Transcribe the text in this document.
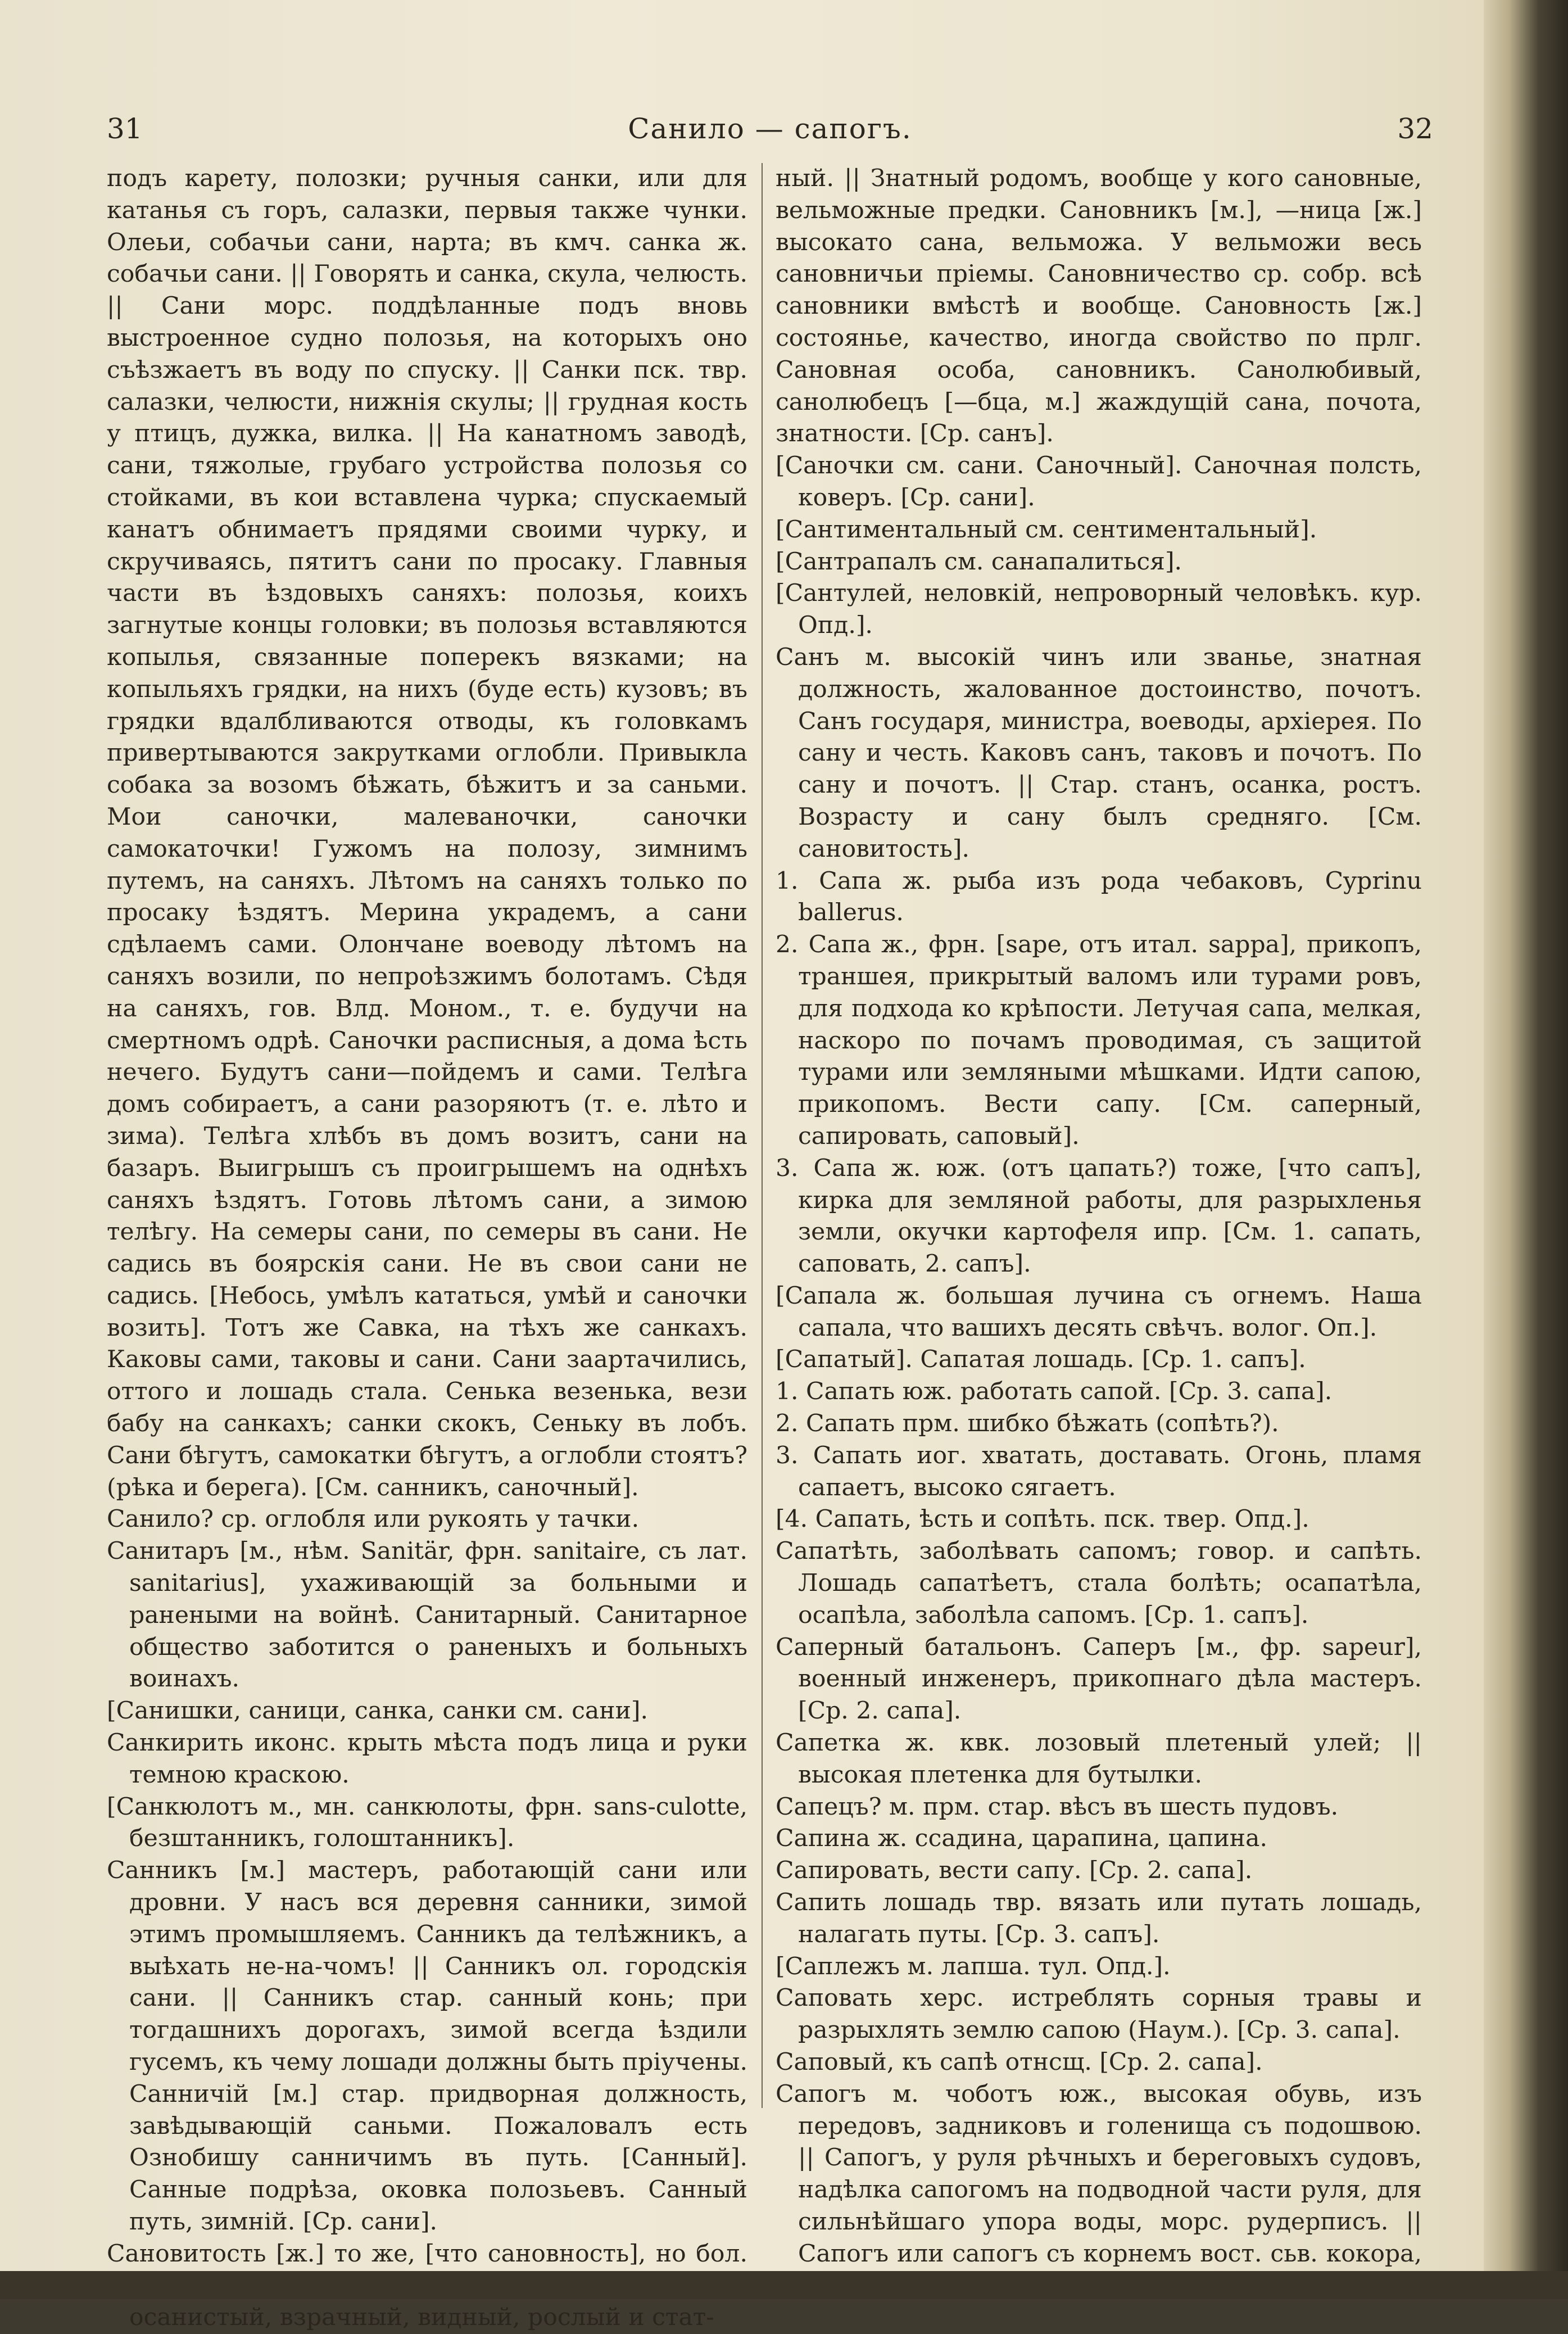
31	Санило — сапогъ.	32

подъ карету, полозки; ручныя санки, или для катанья съ горъ, салазки, первыя также чунки. Олеьи, собачьи сани, нарта; въ кмч. санка ж. собачьи сани. || Говорять и санка, скула, челюсть. || Сани морс. поддѣланные подъ вновь выстроенное судно полозья, на которыхъ оно съѣзжаетъ въ воду по спуску. || Санки пск. твр. салазки, челюсти, нижнія скулы; || грудная кость у птицъ, дужка, вилка. || На канатномъ заводѣ, сани, тяжолые, грубаго устройства полозья со стойками, въ кои вставлена чурка; спускаемый канатъ обнимаетъ прядями своими чурку, и скручиваясь, пятитъ сани по просаку. Главныя части въ ѣздовыхъ саняхъ: полозья, коихъ загнутые концы головки; въ полозья вставляются копылья, связанные поперекъ вязками; на копыльяхъ грядки, на нихъ (буде есть) кузовъ; въ грядки вдалбливаются отводы, къ головкамъ привертываются закрутками оглобли. Привыкла собака за возомъ бѣжать, бѣжитъ и за саньми. Мои саночки, малеваночки, саночки самокаточки! Гужомъ на полозу, зимнимъ путемъ, на саняхъ. Лѣтомъ на саняхъ только по просаку ѣздятъ. Мерина украдемъ, а сани сдѣлаемъ сами. Олончане воеводу лѣтомъ на саняхъ возили, по непроѣзжимъ болотамъ. Сѣдя на саняхъ, гов. Влд. Моном., т. е. будучи на смертномъ одрѣ. Саночки расписныя, а дома ѣсть нечего. Будутъ сани—пойдемъ и сами. Телѣга домъ собираетъ, а сани разоряютъ (т. е. лѣто и зима). Телѣга хлѣбъ въ домъ возитъ, сани на базаръ. Выигрышъ съ проигрышемъ на однѣхъ саняхъ ѣздятъ. Готовь лѣтомъ сани, а зимою телѣгу. На семеры сани, по семеры въ сани. Не садись въ боярскія сани. Не въ свои сани не садись. [Небось, умѣлъ кататься, умѣй и саночки возить]. Тотъ же Савка, на тѣхъ же санкахъ. Каковы сами, таковы и сани. Сани заартачились, оттого и лошадь стала. Сенька везенька, вези бабу на санкахъ; санки скокъ, Сеньку въ лобъ. Сани бѣгутъ, самокатки бѣгутъ, а оглобли стоятъ? (рѣка и берега). [См. санникъ, саночный].

Санило? ср. оглобля или рукоять у тачки.

Санитаръ [м., нѣм. Sanitär, фрн. sanitaire, съ лат. sanitarius], ухаживающій за больными и ранеными на войнѣ. Санитарный. Санитарное общество заботится о раненыхъ и больныхъ воинахъ.

[Санишки, саници, санка, санки см. сани].

Санкирить иконс. крыть мѣста подъ лица и руки темною краскою.

[Санкюлотъ м., мн. санкюлоты, фрн. sans-culotte, безштанникъ, голоштанникъ].

Санникъ [м.] мастеръ, работающій сани или дровни. У насъ вся деревня санники, зимой этимъ промышляемъ. Санникъ да телѣжникъ, а выѣхать не-на-чомъ! || Санникъ ол. городскія сани. || Санникъ стар. санный конь; при тогдашнихъ дорогахъ, зимой всегда ѣздили гусемъ, къ чему лошади должны быть пріучены. Санничій [м.] стар. придворная должность, завѣдывающій саньми. Пожаловалъ есть Ознобишу санничимъ въ путь. [Санный]. Санные подрѣза, оковка полозьевъ. Санный путь, зимній. [Ср. сани].

Сановитость [ж.] то же, [что сановность], но бол. осанистый, взрачный, видный, рослый и стат-

ный. || Знатный родомъ, вообще у кого сановные, вельможные предки. Сановникъ [м.], —ница [ж.] высокато сана, вельможа. У вельможи весь сановничьи пріемы. Сановничество ср. собр. всѣ сановники вмѣстѣ и вообще. Сановность [ж.] состоянье, качество, иногда свойство по прлг. Сановная особа, сановникъ. Санолюбивый, санолюбецъ [—бца, м.] жаждущій сана, почота, знатности. [Ср. санъ].

[Саночки см. сани. Саночный]. Саночная полсть, коверъ. [Ср. сани].

[Сантиментальный см. сентиментальный].

[Сантрапалъ см. санапалиться].

[Сантулей, неловкій, непроворный человѣкъ. кур. Опд.].

Санъ м. высокій чинъ или званье, знатная должность, жалованное достоинство, почотъ. Санъ государя, министра, воеводы, архіерея. По сану и честь. Каковъ санъ, таковъ и почотъ. По сану и почотъ. || Стар. станъ, осанка, ростъ. Возрасту и сану былъ средняго. [См. сановитость].

1. Сапа ж. рыба изъ рода чебаковъ, Cyprinu ballerus.

2. Сапа ж., фрн. [sape, отъ итал. sappa], прикопъ, траншея, прикрытый валомъ или турами ровъ, для подхода ко крѣпости. Летучая сапа, мелкая, наскоро по почамъ проводимая, съ защитой турами или земляными мѣшками. Идти сапою, прикопомъ. Вести сапу. [См. саперный, сапировать, саповый].

3. Сапа ж. юж. (отъ цапать?) тоже, [что сапъ], кирка для земляной работы, для разрыхленья земли, окучки картофеля ипр. [См. 1. сапать, саповать, 2. сапъ].

[Сапала ж. большая лучина съ огнемъ. Наша сапала, что вашихъ десять свѣчъ. волог. Оп.].

[Сапатый]. Сапатая лошадь. [Ср. 1. сапъ].

1. Сапать юж. работать сапой. [Ср. 3. сапа].

2. Сапать прм. шибко бѣжать (сопѣть?).

3. Сапать иог. хватать, доставать. Огонь, пламя сапаетъ, высоко сягаетъ.

[4. Сапать, ѣсть и сопѣть. пск. твер. Опд.].

Сапатѣть, заболѣвать сапомъ; говор. и сапѣть. Лошадь сапатѣетъ, стала болѣть; осапатѣла, осапѣла, заболѣла сапомъ. [Ср. 1. сапъ].

Саперный батальонъ. Саперъ [м., фр. sapeur], военный инженеръ, прикопнаго дѣла мастеръ. [Ср. 2. сапа].

Сапетка ж. квк. лозовый плетеный улей; || высокая плетенка для бутылки.

Сапецъ? м. прм. стар. вѣсъ въ шесть пудовъ.

Сапина ж. ссадина, царапина, цапина.

Сапировать, вести сапу. [Ср. 2. сапа].

Сапить лошадь твр. вязать или путать лошадь, налагать путы. [Ср. 3. сапъ].

[Саплежъ м. лапша. тул. Опд.].

Саповать херс. истреблять сорныя травы и разрыхлять землю сапою (Наум.). [Ср. 3. сапа].

Саповый, къ сапѣ отнсщ. [Ср. 2. сапа].

Сапогъ м. чоботъ юж., высокая обувь, изъ передовъ, задниковъ и голенища съ подошвою. || Сапогъ, у руля рѣчныхъ и береговыхъ судовъ, надѣлка сапогомъ на подводной части руля, для сильнѣйшаго упора воды, морс. рудерписъ. || Сапогъ или сапогъ съ корнемъ вост. сьв. кокора,
